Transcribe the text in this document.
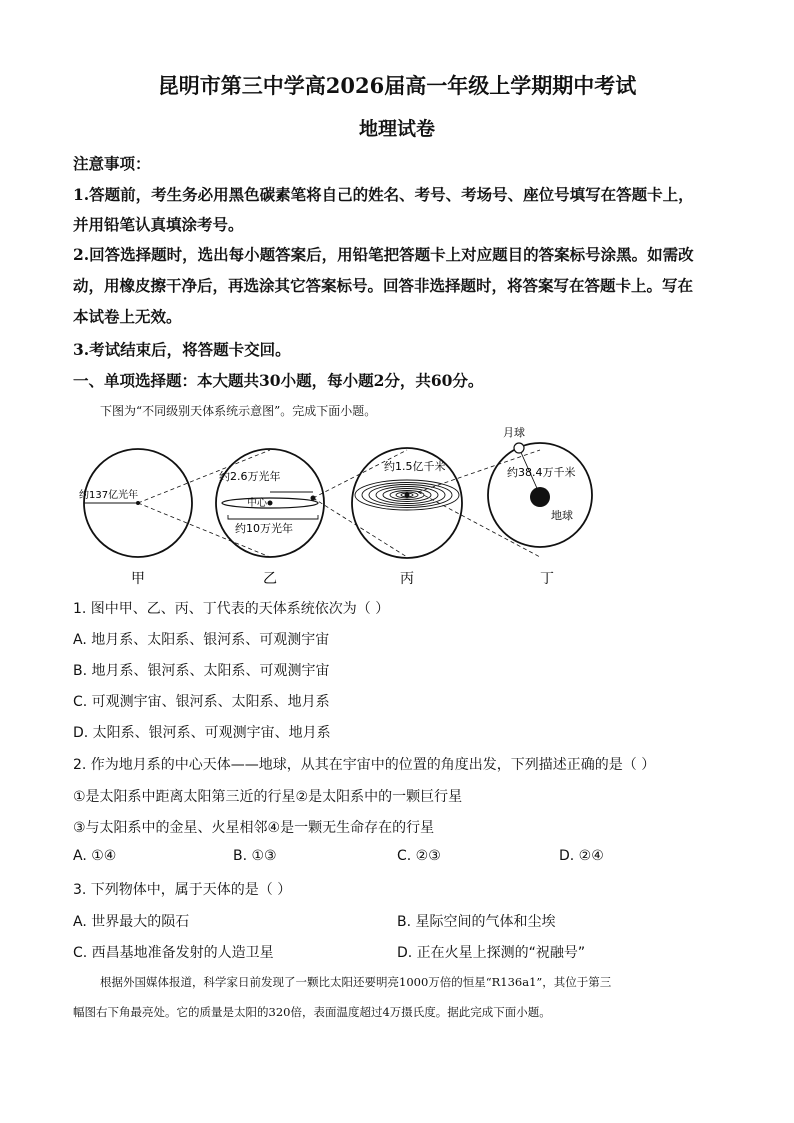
昆明市第三中学高2026届高一年级上学期期中考试
地理试卷
注意事项：
1.答题前，考生务必用黑色碳素笔将自己的姓名、考号、考场号、座位号填写在答题卡上，
并用铅笔认真填涂考号。
2.回答选择题时，选出每小题答案后，用铅笔把答题卡上对应题目的答案标号涂黑。如需改
动，用橡皮擦干净后，再选涂其它答案标号。回答非选择题时，将答案写在答题卡上。写在
本试卷上无效。
3.考试结束后，将答题卡交回。
一、单项选择题：本大题共30小题，每小题2分，共60分。
下图为“不同级别天体系统示意图”。完成下面小题。
约137亿光年
甲
约2.6万光年
中心
约10万光年
乙
约1.5亿千米
丙
月球
约38.4万千米
地球
丁
1. 图中甲、乙、丙、丁代表的天体系统依次为（ ）
A. 地月系、太阳系、银河系、可观测宇宙
B. 地月系、银河系、太阳系、可观测宇宙
C. 可观测宇宙、银河系、太阳系、地月系
D. 太阳系、银河系、可观测宇宙、地月系
2. 作为地月系的中心天体——地球，从其在宇宙中的位置的角度出发，下列描述正确的是（ ）
①是太阳系中距离太阳第三近的行星②是太阳系中的一颗巨行星
③与太阳系中的金星、火星相邻④是一颗无生命存在的行星
A. ①④	B. ①③	C. ②③	D. ②④
3. 下列物体中，属于天体的是（ ）
A. 世界最大的陨石	B. 星际空间的气体和尘埃
C. 西昌基地准备发射的人造卫星	D. 正在火星上探测的“祝融号”
根据外国媒体报道，科学家日前发现了一颗比太阳还要明亮1000万倍的恒星“R136a1”，其位于第三
幅图右下角最亮处。它的质量是太阳的320倍，表面温度超过4万摄氏度。据此完成下面小题。
